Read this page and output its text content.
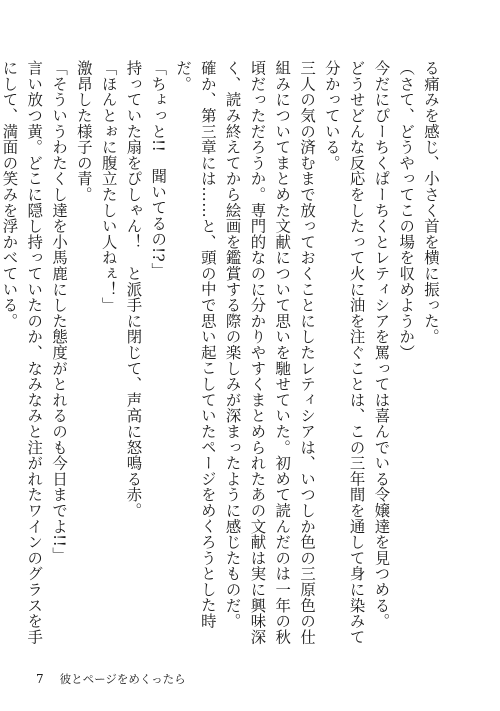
る痛みを感じ、小さく首を横に振った。

（さて、どうやってこの場を収めようか）

今だにぴーちくぱーちくとレティシアを罵っては喜んでいる令嬢達を見つめる。

どうせどんな反応をしたって火に油を注ぐことは、この三年間を通して身に染みて分かっている。

三人の気の済むまで放っておくことにしたレティシアは、いつしか色の三原色の仕組みについてまとめた文献について思いを馳せていた。初めて読んだのは一年の秋頃だっただろうか。専門的なのに分かりやすくまとめられたあの文献は実に興味深く、読み終えてから絵画を鑑賞する際の楽しみが深まったように感じたものだ。

確か、第三章には……と、頭の中で思い起こしていたページをめくろうとした時だ。

「ちょっと!!　聞いてるの!?」

持っていた扇をぴしゃん！　と派手に閉じて、声高に怒鳴る赤。

「ほんとぉに腹立たしい人ねぇ！」

激昂した様子の青。

「そういうわたくし達を小馬鹿にした態度がとれるのも今日までよ!!」

言い放つ黄。どこに隠し持っていたのか、なみなみと注がれたワインのグラスを手にして、満面の笑みを浮かべている。

7 彼とページをめくったら
